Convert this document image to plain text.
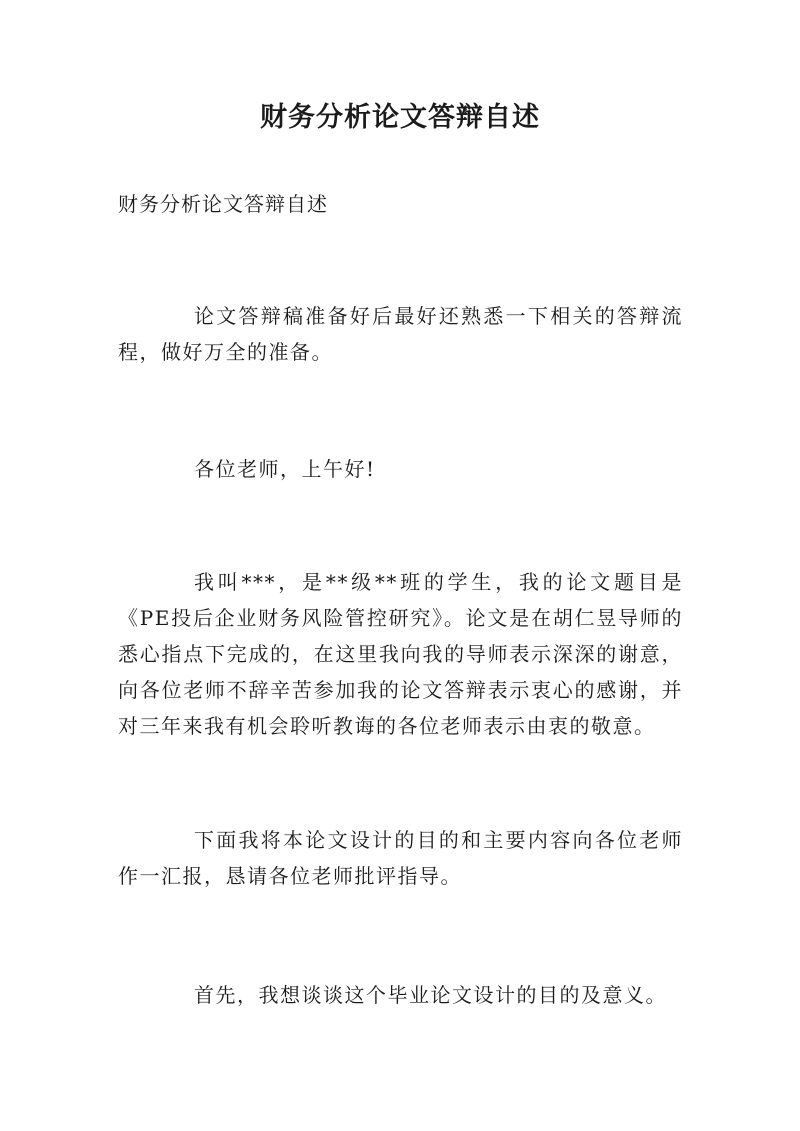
财务分析论文答辩自述

财务分析论文答辩自述

论文答辩稿准备好后最好还熟悉一下相关的答辩流程，做好万全的准备。

各位老师，上午好!

我叫***，是**级**班的学生，我的论文题目是《PE投后企业财务风险管控研究》。论文是在胡仁昱导师的悉心指点下完成的，在这里我向我的导师表示深深的谢意，向各位老师不辞辛苦参加我的论文答辩表示衷心的感谢，并对三年来我有机会聆听教诲的各位老师表示由衷的敬意。

下面我将本论文设计的目的和主要内容向各位老师作一汇报，恳请各位老师批评指导。

首先，我想谈谈这个毕业论文设计的目的及意义。
